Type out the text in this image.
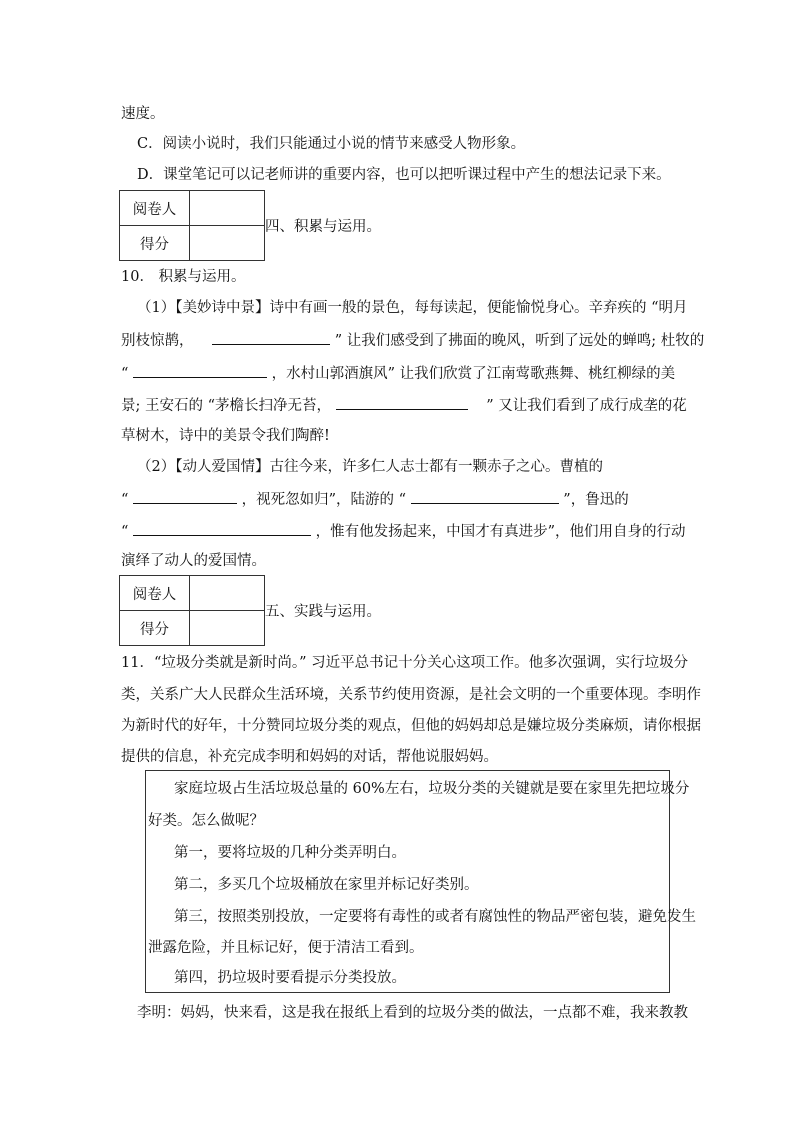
速度。
C．阅读小说时，我们只能通过小说的情节来感受人物形象。
D．课堂笔记可以记老师讲的重要内容，也可以把听课过程中产生的想法记录下来。
阅卷人	
得分	
四、积累与运用。
10． 积累与运用。
（1）【美妙诗中景】诗中有画一般的景色，每每读起，便能愉悦身心。辛弃疾的 “明月
别枝惊鹊，	” 让我们感受到了拂面的晚风，听到了远处的蝉鸣; 杜牧的
“	，水村山郭酒旗风” 让我们欣赏了江南莺歌燕舞、桃红柳绿的美
景; 王安石的 “茅檐长扫净无苔，	” 又让我们看到了成行成垄的花
草树木，诗中的美景令我们陶醉!
（2）【动人爱国情】古往今来，许多仁人志士都有一颗赤子之心。曹植的
“	，视死忽如归”，陆游的 “	”，鲁迅的
“	，惟有他发扬起来，中国才有真进步”，他们用自身的行动
演绎了动人的爱国情。
阅卷人	
得分	
五、实践与运用。
11．“垃圾分类就是新时尚。” 习近平总书记十分关心这项工作。他多次强调，实行垃圾分
类，关系广大人民群众生活环境，关系节约使用资源，是社会文明的一个重要体现。李明作
为新时代的好年，十分赞同垃圾分类的观点，但他的妈妈却总是嫌垃圾分类麻烦，请你根据
提供的信息，补充完成李明和妈妈的对话，帮他说服妈妈。
家庭垃圾占生活垃圾总量的 60%左右，垃圾分类的关键就是要在家里先把垃圾分
好类。怎么做呢？
第一，要将垃圾的几种分类弄明白。
第二，多买几个垃圾桶放在家里并标记好类别。
第三，按照类别投放，一定要将有毒性的或者有腐蚀性的物品严密包装，避免发生
泄露危险，并且标记好，便于清洁工看到。
第四，扔垃圾时要看提示分类投放。
李明：妈妈，快来看，这是我在报纸上看到的垃圾分类的做法，一点都不难，我来教教
